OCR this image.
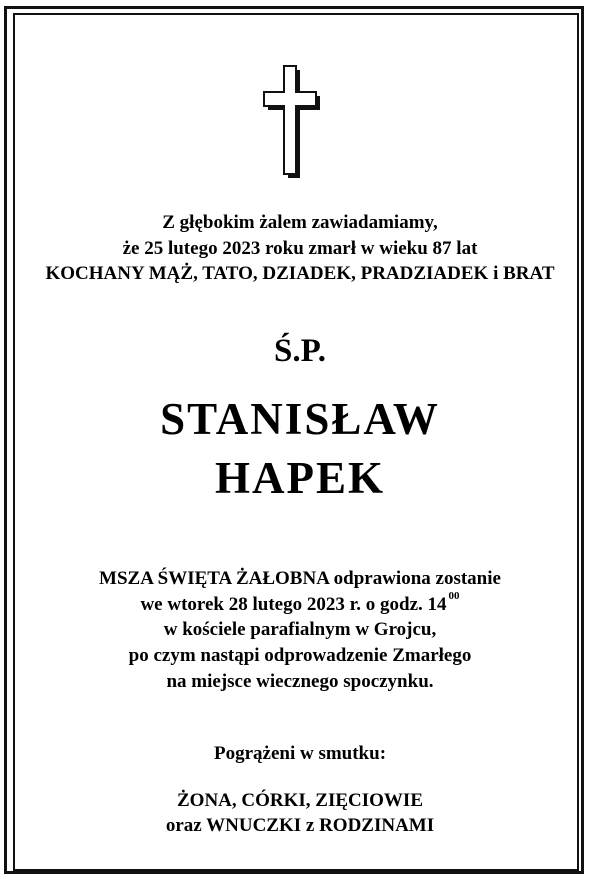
Z głębokim żalem zawiadamiamy,
że 25 lutego 2023 roku zmarł w wieku 87 lat
KOCHANY MĄŻ, TATO, DZIADEK, PRADZIADEK i BRAT
Ś.P.
STANISŁAW
HAPEK
MSZA ŚWIĘTA ŻAŁOBNA odprawiona zostanie
we wtorek 28 lutego 2023 r. o godz. 14 $^{00}$
w kościele parafialnym w Grojcu,
po czym nastąpi odprowadzenie Zmarłego
na miejsce wiecznego spoczynku.
Pogrążeni w smutku:
ŻONA, CÓRKI, ZIĘCIOWIE
oraz WNUCZKI z RODZINAMI
